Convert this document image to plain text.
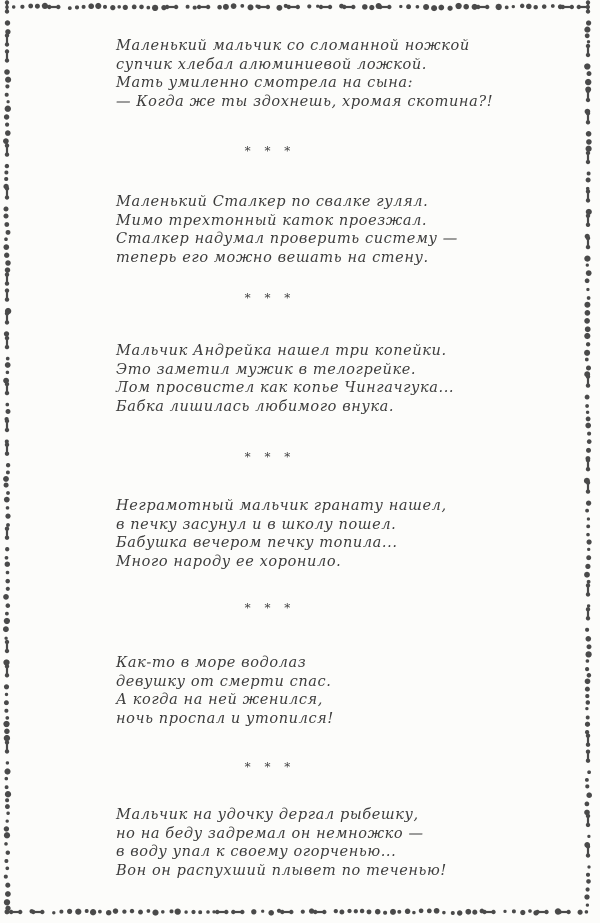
Маленький мальчик со сломанной ножкой
супчик хлебал алюминиевой ложкой.
Мать умиленно смотрела на сына:
— Когда же ты здохнешь, хромая скотина?!
* * *
Маленький Сталкер по свалке гулял.
Мимо трехтонный каток проезжал.
Сталкер надумал проверить систему —
теперь его можно вешать на стену.
* * *
Мальчик Андрейка нашел три копейки.
Это заметил мужик в телогрейке.
Лом просвистел как копье Чингачгука...
Бабка лишилась любимого внука.
* * *
Неграмотный мальчик гранату нашел,
в печку засунул и в школу пошел.
Бабушка вечером печку топила...
Много народу ее хоронило.
* * *
Как-то в море водолаз
девушку от смерти спас.
А когда на ней женился,
ночь проспал и утопился!
* * *
Мальчик на удочку дергал рыбешку,
но на беду задремал он немножко —
в воду упал к своему огорченью...
Вон он распухший плывет по теченью!
